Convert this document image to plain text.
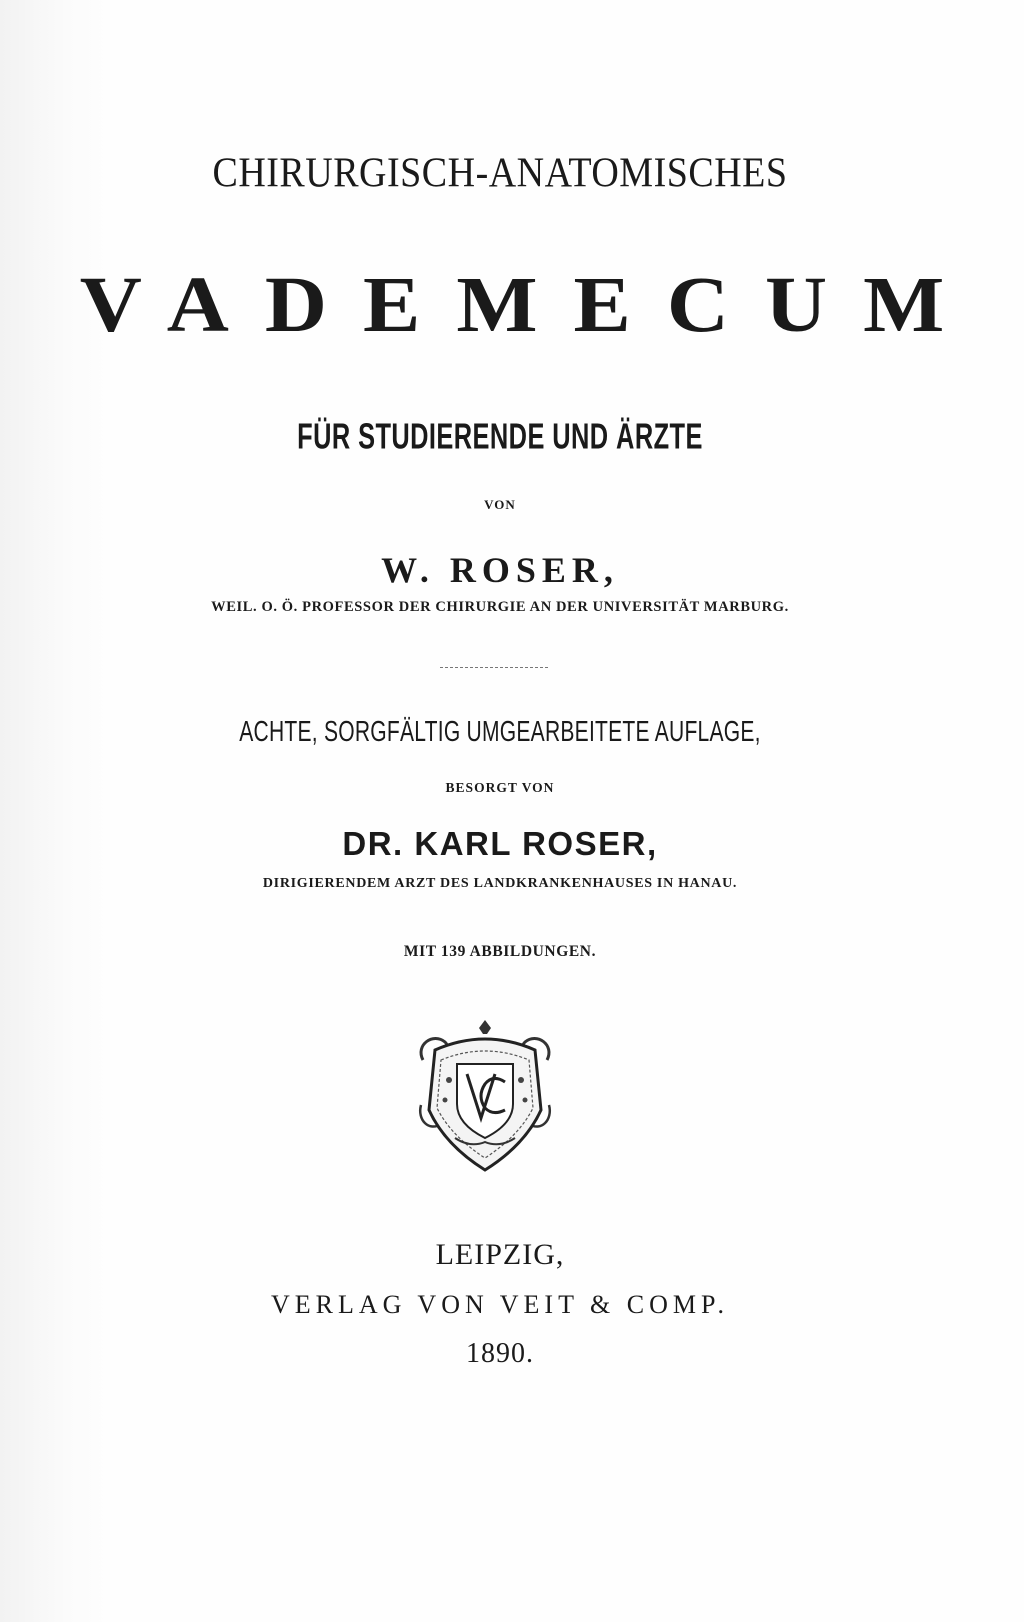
CHIRURGISCH-ANATOMISCHES
VADEMECUM
FÜR STUDIERENDE UND ÄRZTE
VON
W. ROSER,
WEIL. O. Ö. PROFESSOR DER CHIRURGIE AN DER UNIVERSITÄT MARBURG.
ACHTE, SORGFÄLTIG UMGEARBEITETE AUFLAGE,
BESORGT VON
DR. KARL ROSER,
DIRIGIERENDEM ARZT DES LANDKRANKENHAUSES IN HANAU.
MIT 139 ABBILDUNGEN.
LEIPZIG,
VERLAG VON VEIT & COMP.
1890.
